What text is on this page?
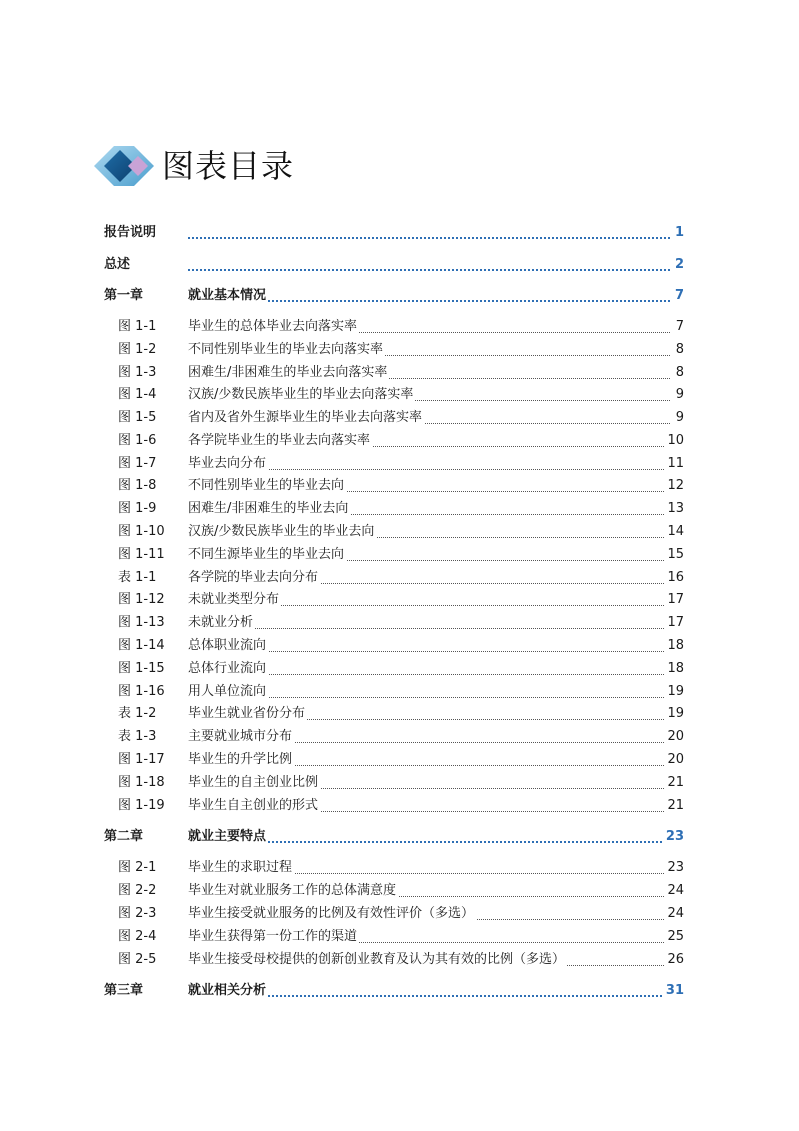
图表目录
报告说明	1
总述	2
第一章	就业基本情况	7
图 1-1 毕业生的总体毕业去向落实率	7
图 1-2 不同性别毕业生的毕业去向落实率	8
图 1-3 困难生/非困难生的毕业去向落实率	8
图 1-4 汉族/少数民族毕业生的毕业去向落实率	9
图 1-5 省内及省外生源毕业生的毕业去向落实率	9
图 1-6 各学院毕业生的毕业去向落实率	10
图 1-7 毕业去向分布	11
图 1-8 不同性别毕业生的毕业去向	12
图 1-9 困难生/非困难生的毕业去向	13
图 1-10 汉族/少数民族毕业生的毕业去向	14
图 1-11 不同生源毕业生的毕业去向	15
表 1-1 各学院的毕业去向分布	16
图 1-12 未就业类型分布	17
图 1-13 未就业分析	17
图 1-14 总体职业流向	18
图 1-15 总体行业流向	18
图 1-16 用人单位流向	19
表 1-2 毕业生就业省份分布	19
表 1-3 主要就业城市分布	20
图 1-17 毕业生的升学比例	20
图 1-18 毕业生的自主创业比例	21
图 1-19 毕业生自主创业的形式	21
第二章	就业主要特点	23
图 2-1 毕业生的求职过程	23
图 2-2 毕业生对就业服务工作的总体满意度	24
图 2-3 毕业生接受就业服务的比例及有效性评价（多选）	24
图 2-4 毕业生获得第一份工作的渠道	25
图 2-5 毕业生接受母校提供的创新创业教育及认为其有效的比例（多选）	26
第三章	就业相关分析	31
